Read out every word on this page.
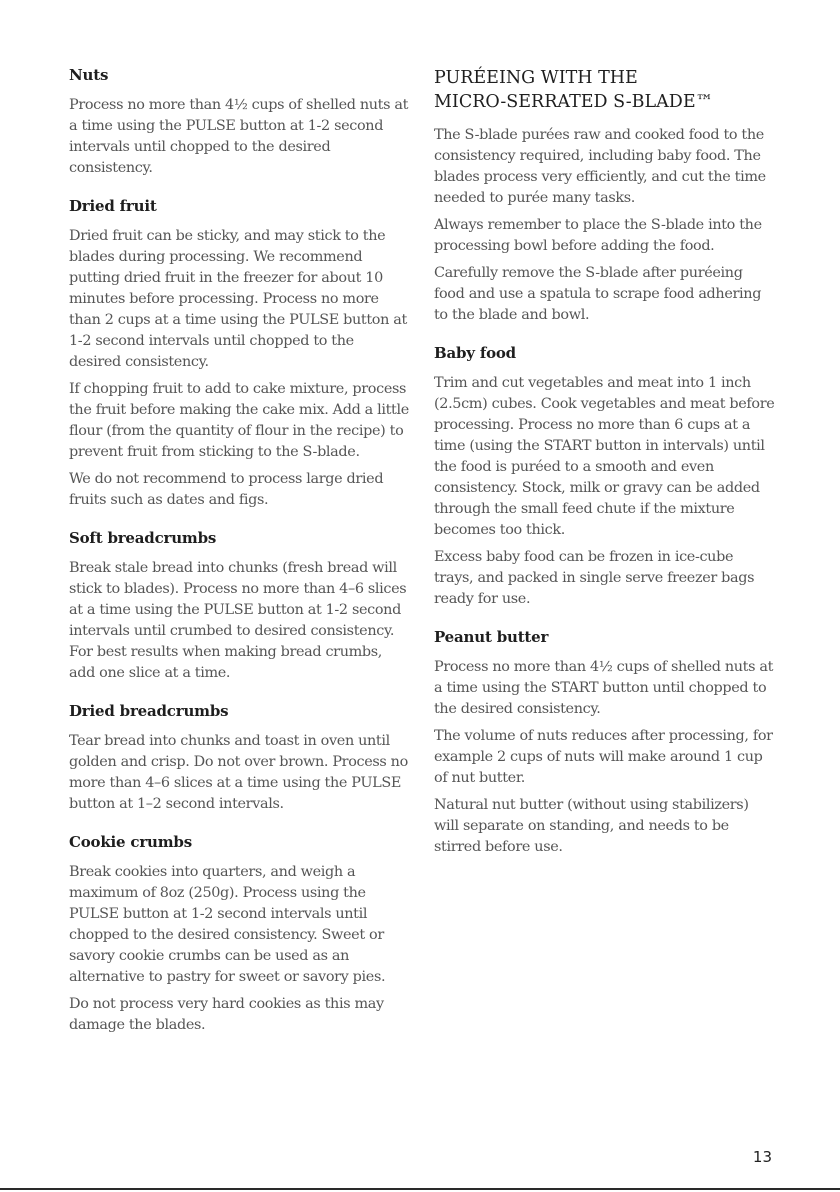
Nuts

Process no more than 4½ cups of shelled nuts at a time using the PULSE button at 1-2 second intervals until chopped to the desired consistency.

Dried fruit

Dried fruit can be sticky, and may stick to the blades during processing. We recommend putting dried fruit in the freezer for about 10 minutes before processing. Process no more than 2 cups at a time using the PULSE button at 1-2 second intervals until chopped to the desired consistency.

If chopping fruit to add to cake mixture, process the fruit before making the cake mix. Add a little flour (from the quantity of flour in the recipe) to prevent fruit from sticking to the S-blade.

We do not recommend to process large dried fruits such as dates and figs.

Soft breadcrumbs

Break stale bread into chunks (fresh bread will stick to blades). Process no more than 4–6 slices at a time using the PULSE button at 1-2 second intervals until crumbed to desired consistency. For best results when making bread crumbs, add one slice at a time.

Dried breadcrumbs

Tear bread into chunks and toast in oven until golden and crisp. Do not over brown. Process no more than 4–6 slices at a time using the PULSE button at 1–2 second intervals.

Cookie crumbs

Break cookies into quarters, and weigh a maximum of 8oz (250g). Process using the PULSE button at 1-2 second intervals until chopped to the desired consistency. Sweet or savory cookie crumbs can be used as an alternative to pastry for sweet or savory pies.

Do not process very hard cookies as this may damage the blades.

PURÉEING WITH THE
MICRO-SERRATED S-BLADE™

The S-blade purées raw and cooked food to the consistency required, including baby food. The blades process very efficiently, and cut the time needed to purée many tasks.

Always remember to place the S-blade into the processing bowl before adding the food.

Carefully remove the S-blade after puréeing food and use a spatula to scrape food adhering to the blade and bowl.

Baby food

Trim and cut vegetables and meat into 1 inch (2.5cm) cubes. Cook vegetables and meat before processing. Process no more than 6 cups at a time (using the START button in intervals) until the food is puréed to a smooth and even consistency. Stock, milk or gravy can be added through the small feed chute if the mixture becomes too thick.

Excess baby food can be frozen in ice-cube trays, and packed in single serve freezer bags ready for use.

Peanut butter

Process no more than 4½ cups of shelled nuts at a time using the START button until chopped to the desired consistency.

The volume of nuts reduces after processing, for example 2 cups of nuts will make around 1 cup of nut butter.

Natural nut butter (without using stabilizers) will separate on standing, and needs to be stirred before use.

13
